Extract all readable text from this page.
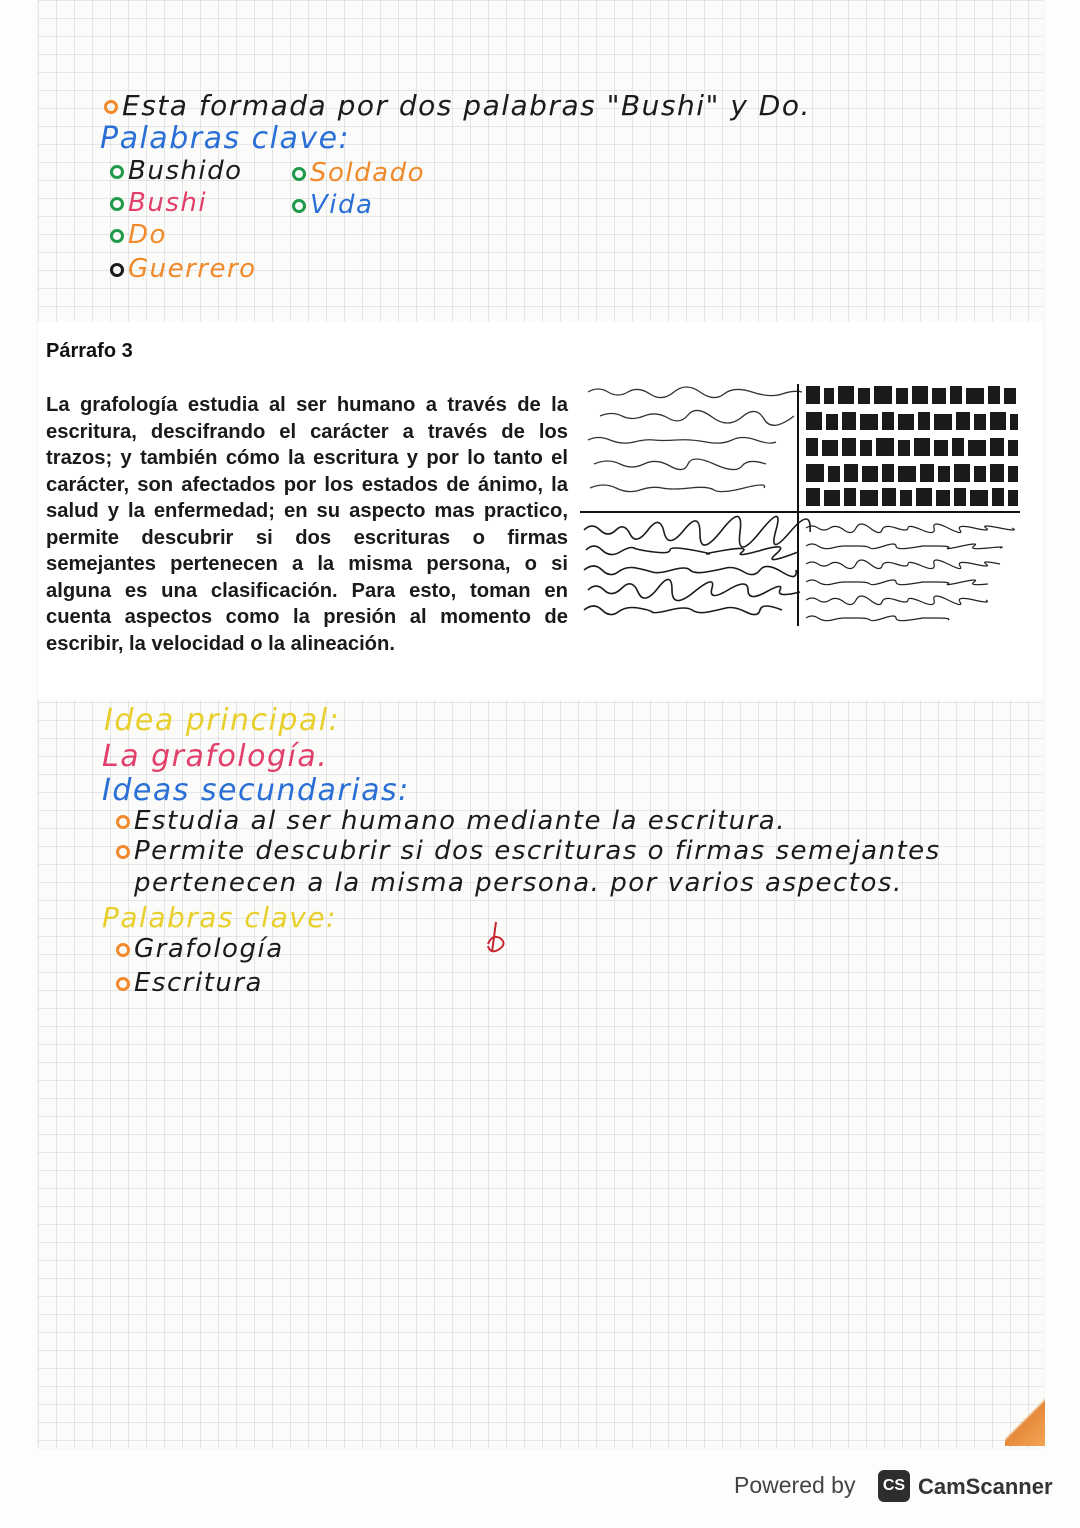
Esta formada por dos palabras "Bushi" y Do.
Palabras clave:
Bushido
Bushi
Do
Guerrero
Soldado
Vida
Párrafo 3
La grafología estudia al ser humano a través de la escritura, descifrando el carácter a través de los trazos; y también cómo la escritura y por lo tanto el carácter, son afectados por los estados de ánimo, la salud y la enfermedad; en su aspecto mas practico, permite descubrir si dos escrituras o firmas semejantes pertenecen a la misma persona, o si alguna es una clasificación. Para esto, toman en cuenta aspectos como la presión al momento de escribir, la velocidad o la alineación.
Idea principal:
La grafología.
Ideas secundarias:
Estudia al ser humano mediante la escritura.
Permite descubrir si dos escrituras o firmas semejantes
pertenecen a la misma persona. por varios aspectos.
Palabras clave:
Grafología
Escritura
Powered by	CS CamScanner
